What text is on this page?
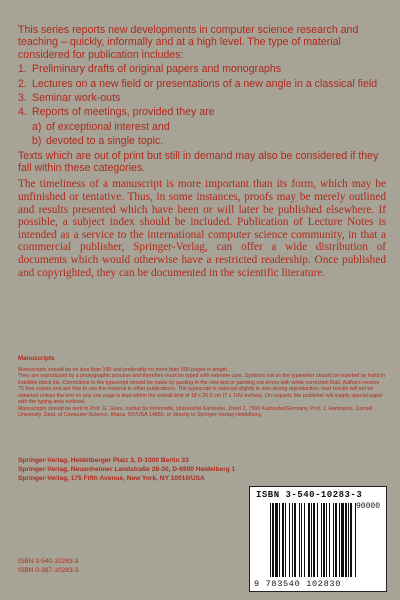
This series reports new developments in computer science research and teaching – quickly, informally and at a high level. The type of material considered for publication includes:

1. Preliminary drafts of original papers and monographs
2. Lectures on a new field or presentations of a new angle in a classical field
3. Seminar work-outs
4. Reports of meetings, provided they are
a) of exceptional interest and
b) devoted to a single topic.

Texts which are out of print but still in demand may also be considered if they fall within these categories.

The timeliness of a manuscript is more important than its form, which may be unfinished or tentative. Thus, in some instances, proofs may be merely outlined and results presented which have been or will later be published elsewhere. If possible, a subject index should be included. Publication of Lecture Notes is intended as a service to the international computer science community, in that a commercial publisher, Springer-Verlag, can offer a wide distribution of documents which would otherwise have a restricted readership. Once published and copyrighted, they can be documented in the scientific literature.

Manuscripts

Manuscripts should be no less than 100 and preferably no more than 500 pages in length.

They are reproduced by a photographic process and therefore must be typed with extreme care. Symbols not on the typewriter should be inserted by hand in indelible black ink. Corrections to the typescript should be made by pasting in the new text or painting out errors with white correction fluid. Authors receive 75 free copies and are free to use the material in other publications. The typescript is reduced slightly in size during reproduction; best results will not be obtained unless the text on any one page is kept within the overall limit of 18 x 26.5 cm (7 x 10½ inches). On request, the publisher will supply special paper with the typing area outlined.

Manuscripts should be sent to Prof. G. Goos, Institut für Informatik, Universität Karlsruhe, Zirkel 2, 7500 Karlsruhe/Germany, Prof. J. Hartmanis, Cornell University, Dept. of Computer-Science, Ithaca, NY/USA 14850, or directly to Springer-Verlag Heidelberg.

Springer-Verlag, Heidelberger Platz 3, D-1000 Berlin 33

Springer-Verlag, Neuenheimer Landstraße 28-30, D-6900 Heidelberg 1

Springer-Verlag, 175 Fifth Avenue, New York, NY 10010/USA

ISBN 3-540-10283-3

ISBN 0-387-10283-3

ISBN 3-540-10283-3
90000
9 783540 102830
